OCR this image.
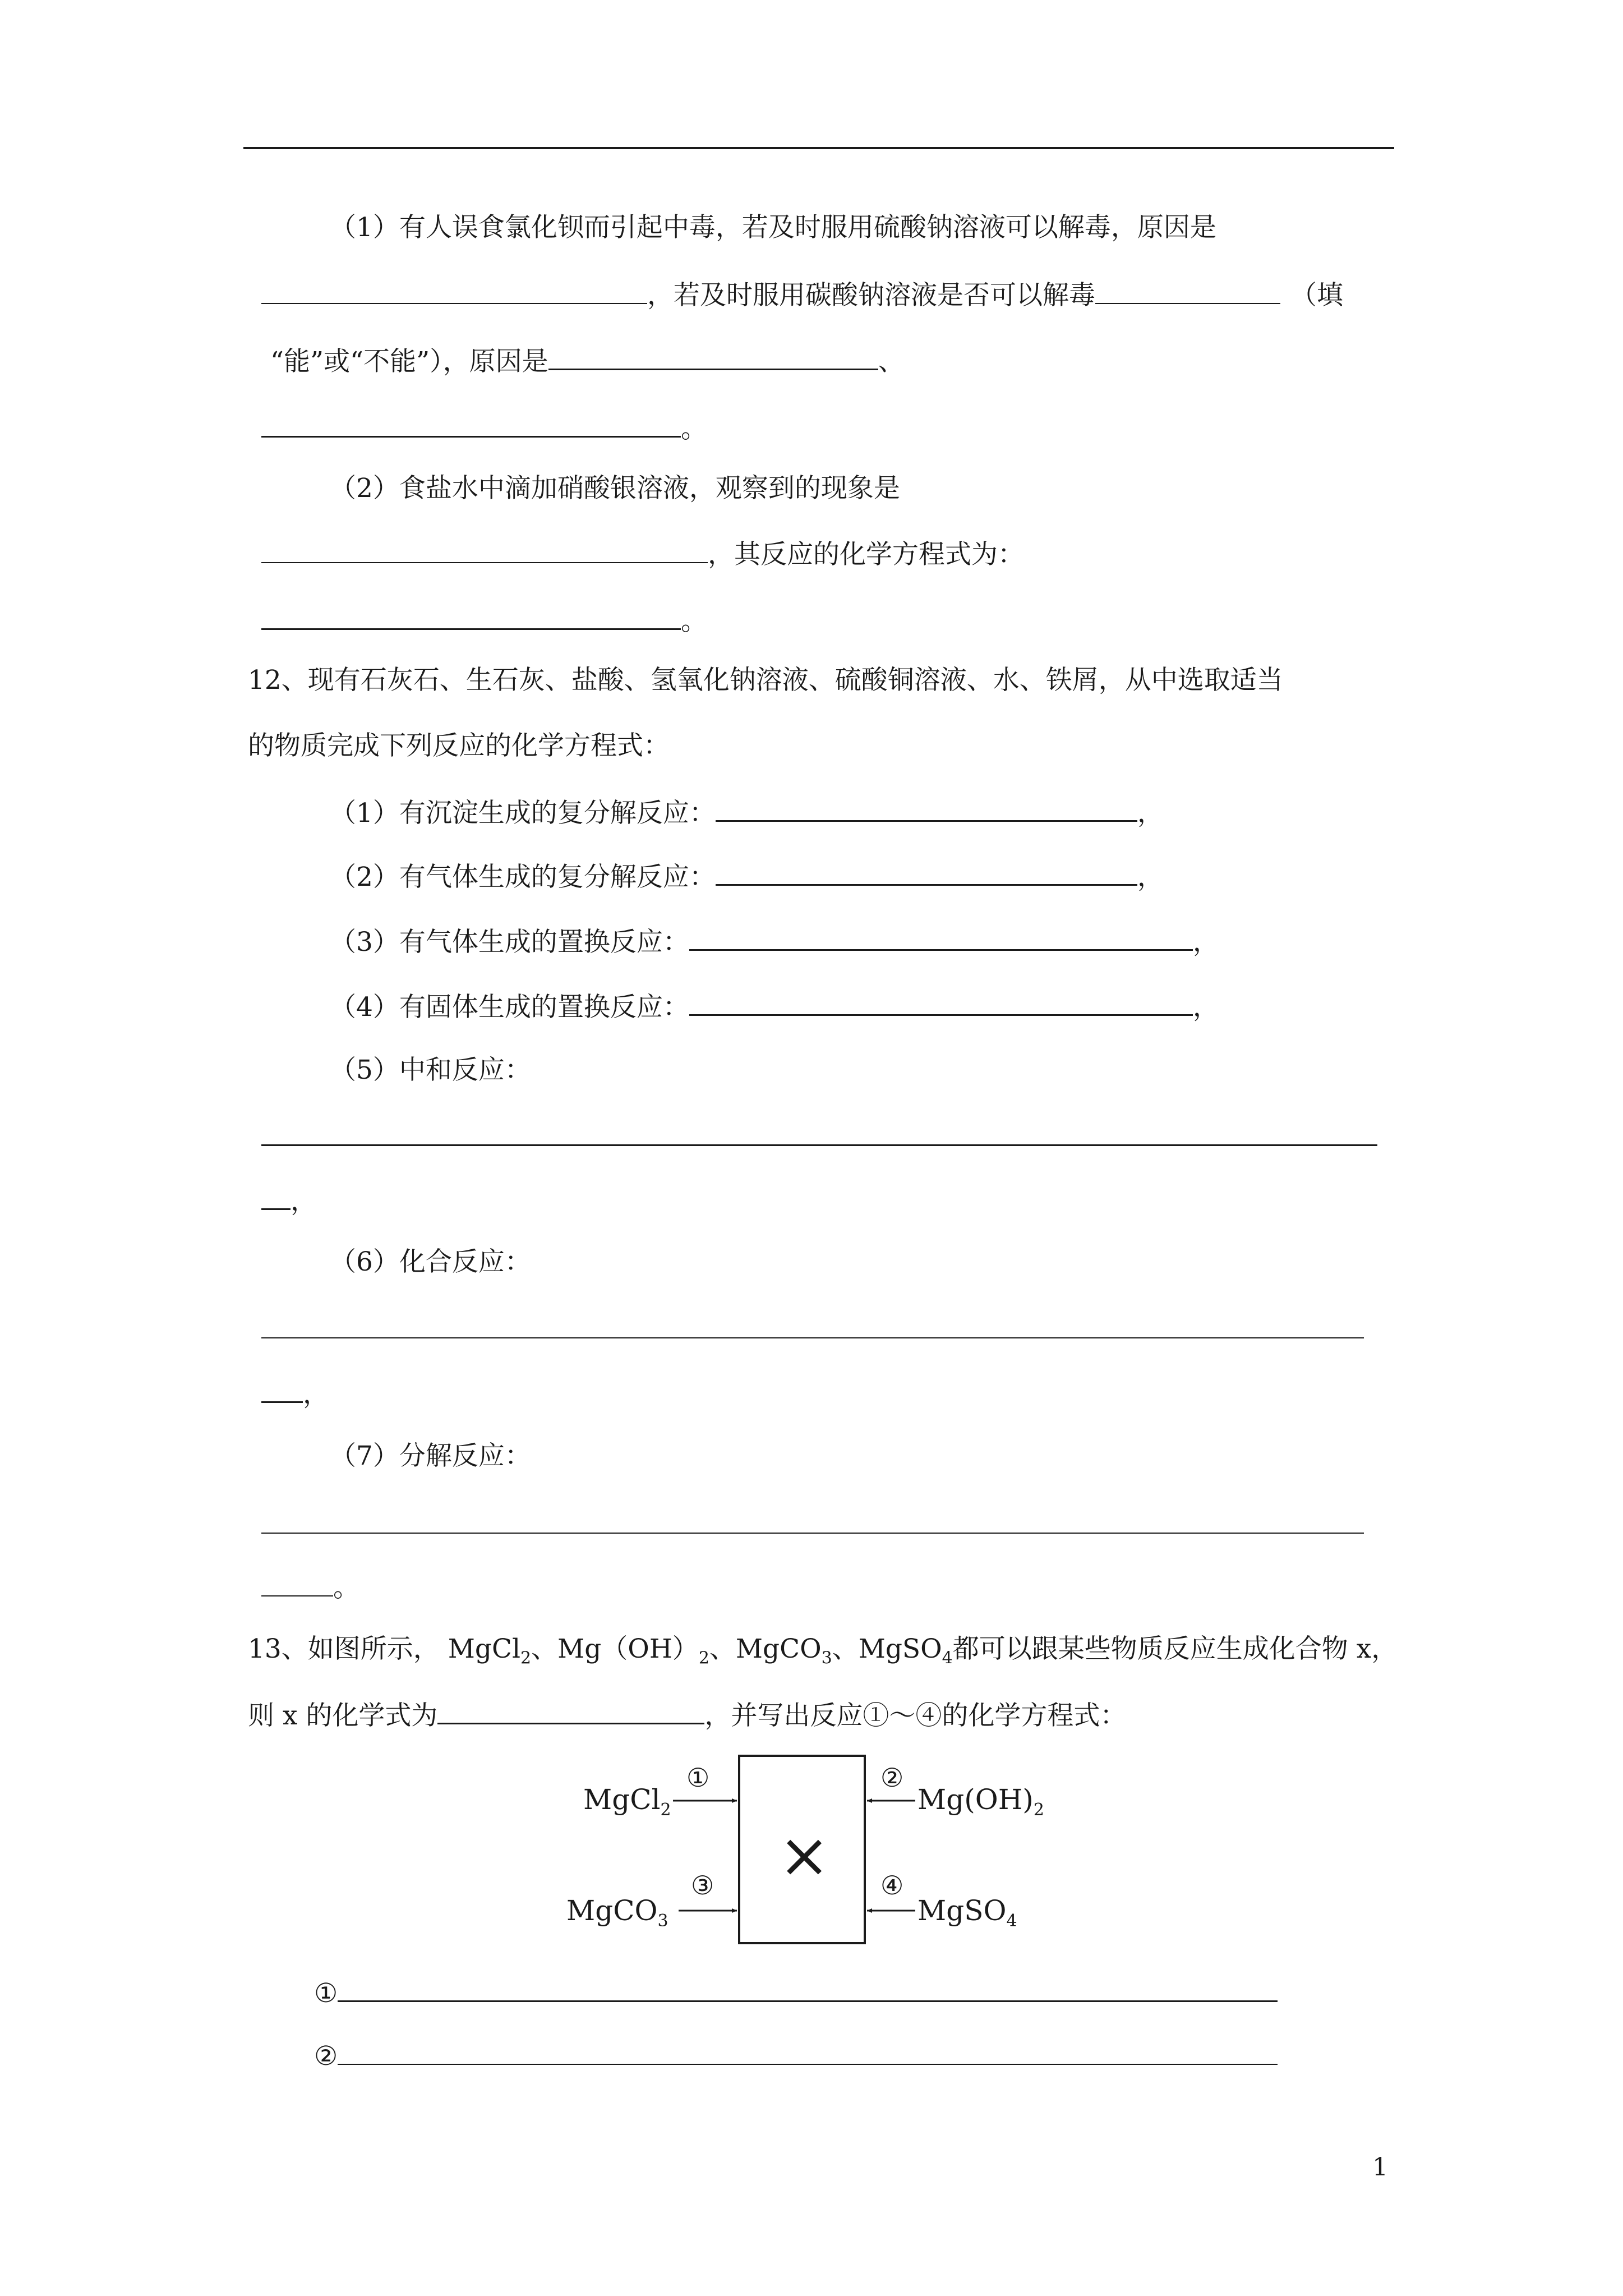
（1）有人误食氯化钡而引起中毒，若及时服用硫酸钠溶液可以解毒，原因是
，若及时服用碳酸钠溶液是否可以解毒	（填
“能”或“不能”），原因是	、
。
（2）食盐水中滴加硝酸银溶液，观察到的现象是
，其反应的化学方程式为：
。
12、现有石灰石、生石灰、盐酸、氢氧化钠溶液、硫酸铜溶液、水、铁屑，从中选取适当
的物质完成下列反应的化学方程式：
（1）有沉淀生成的复分解反应：	，
（2）有气体生成的复分解反应：	，
（3）有气体生成的置换反应：	，
（4）有固体生成的置换反应：	，
（5）中和反应：
，
（6）化合反应：
，
（7）分解反应：
。
13、如图所示， MgCl$_2$、$Mg(OH)_2$、MgCO$_3$、MgSO$_4$都可以跟某些物质反应生成化合物 x，
则 x 的化学式为	，并写出反应①～④的化学方程式：
×
MgCl$_2$
MgCO$_3$
$Mg(OH)_2$
MgSO$_4$
①	②
③	④
①
②
1
